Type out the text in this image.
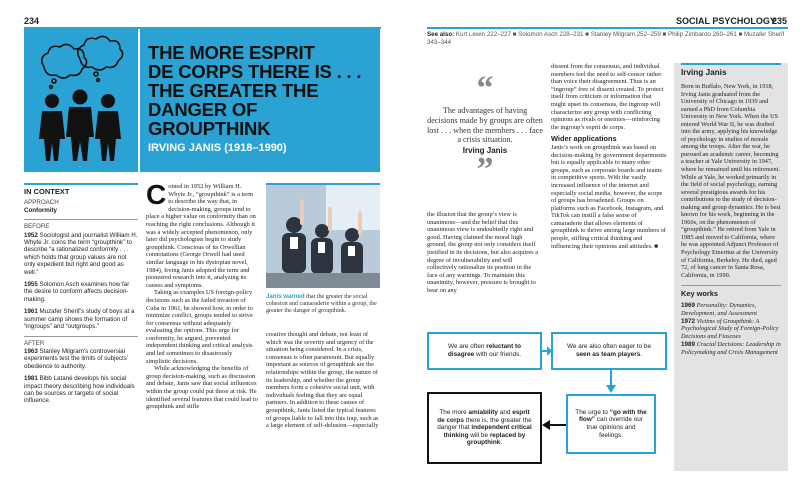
234
THE MORE ESPRIT
DE CORPS THERE IS . . .
THE GREATER THE
DANGER OF GROUPTHINK
IRVING JANIS (1918–1990)
IN CONTEXT
APPROACH
Conformity
BEFORE
1952 Sociologist and journalist William H. Whyte Jr. coins the term “groupthink” to describe “a rationalized conformity . . . which holds that group values are not only expedient but right and good as well.”
1955 Solomon Asch examines how far the desire to conform affects decision-making.
1961 Muzafer Sherif’s study of boys at a summer camp shows the formation of “ingroups” and “outgroups.”
AFTER
1963 Stanley Milgram’s controversial experiments test the limits of subjects’ obedience to authority.
1981 Bibb Latané develops his social impact theory describing how individuals can be sources or targets of social influence.
C oined in 1952 by William H. Whyte Jr., “groupthink” is a term to describe the way that, in decision-making, groups tend to place a higher value on conformity than on reaching the right conclusions. Although it was a widely accepted phenomenon, only later did psychologists begin to study groupthink. Conscious of its Orwellian connotations (George Orwell had used similar language in his dystopian novel, 1984), Irving Janis adopted the term and pioneered research into it, analyzing its causes and symptoms.
Taking as examples US foreign-policy decisions such as the failed invasion of Cuba in 1961, he showed how, in order to minimize conflict, groups tended to strive for consensus without adequately evaluating the options. This urge for conformity, he argued, prevented independent thinking and critical analysis and led sometimes to disastrously simplistic decisions.
While acknowledging the benefits of group decision-making, such as discussion and debate, Janis saw that social influences within the group could put these at risk. He identified several features that could lead to groupthink and stifle
Janis warned that the greater the social cohesion and camaraderie within a group, the greater the danger of groupthink.
creative thought and debate, not least of which was the severity and urgency of the situation being considered. In a crisis, consensus is often paramount. But equally important as sources of groupthink are the relationships within the group, the nature of its leadership, and whether the group members form a cohesive social unit, with individuals feeling that they are equal partners. In addition to these causes of groupthink, Janis listed the typical features of groups liable to fall into this trap, such as a large element of self-delusion—especially
SOCIAL PSYCHOLOGY
235
See also: Kurt Lewin 222–227 ■ Solomon Asch 228–231 ■ Stanley Milgram 252–259 ■ Philip Zimbardo 260–261 ■ Muzafer Sherif 343–344
“
The advantages of having decisions made by groups are often lost . . . when the members . . . face a crisis situation.
Irving Janis
”
the illusion that the group’s view is unanimous—and the belief that this unanimous view is undoubtedly right and good. Having claimed the moral high ground, the group not only considers itself justified in its decisions, but also acquires a degree of invulnerability and will collectively rationalize its position in the face of any warnings. To maintain this unanimity, however, pressure is brought to bear on any
dissent from the consensus, and individual members feel the need to self-censor rather than voice their disagreement. Thus is an “ingroup” free of dissent created. To protect itself from criticism or information that might upset its consensus, the ingroup will characterize any group with conflicting opinions as rivals or enemies—reinforcing the ingroup’s esprit de corps.
Wider applications
Janis’s work on groupthink was based on decision-making by government departments but is equally applicable to many other groups, such as corporate boards and teams in competitive sports. With the vastly increased influence of the internet and especially social media, however, the scope of groups has broadened. Groups on platforms such as Facebook, Instagram, and TikTok can instill a false sense of camaraderie that allows elements of groupthink to thrive among large numbers of people, stifling critical thinking and influencing their opinions and attitudes. ■
Irving Janis
Born in Buffalo, New York, in 1918, Irving Janis graduated from the University of Chicago in 1939 and earned a PhD from Columbia University in New York. When the US entered World War II, he was drafted into the army, applying his knowledge of psychology in studies of morale among the troops. After the war, he pursued an academic career, becoming a teacher at Yale University in 1947, where he remained until his retirement. While at Yale, he worked primarily in the field of social psychology, earning several prestigious awards for his contributions to the study of decision-making and group dynamics. He is best known for his work, beginning in the 1960s, on the phenomenon of “groupthink.” He retired from Yale in 1985 and moved to California, where he was appointed Adjunct Professor of Psychology Emeritus at the University of California, Berkeley. He died, aged 72, of lung cancer in Santa Rosa, California, in 1990.
Key works
1969 Personality: Dynamics, Development, and Assessment
1972 Victims of Groupthink: A Psychological Study of Foreign-Policy Decisions and Fiascoes
1989 Crucial Decisions: Leadership in Policymaking and Crisis Management
We are often reluctant to disagree with our friends.
We are also often eager to be seen as team players.
The more amiability and esprit de corps there is, the greater the danger that independent critical thinking will be replaced by groupthink.
The urge to “go with the flow” can override our true opinions and feelings.
